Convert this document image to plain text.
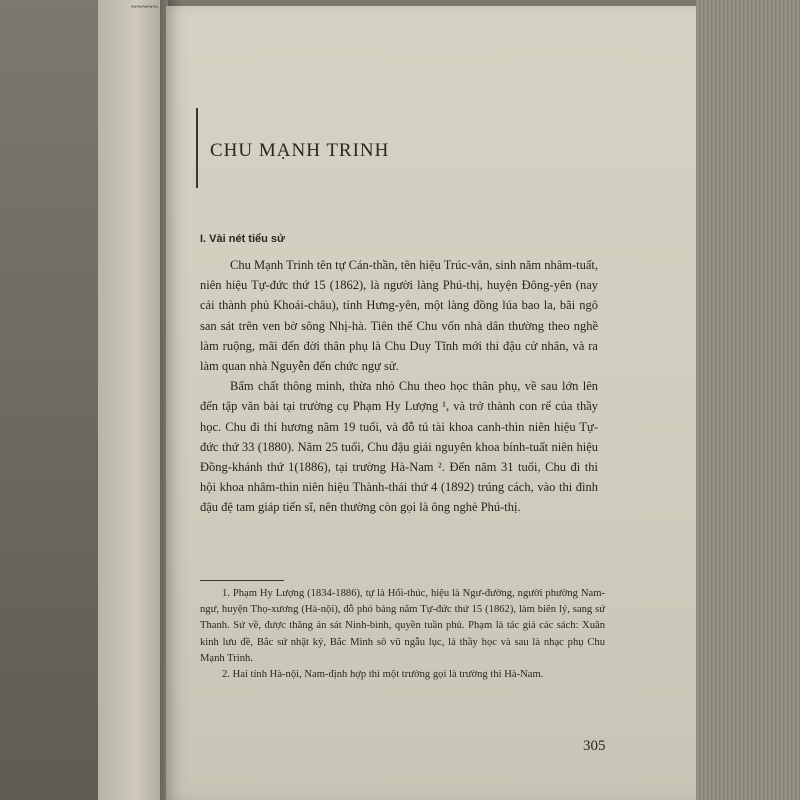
~~~~~
CHU MẠNH TRINH
I. Vài nét tiểu sử

Chu Mạnh Trinh tên tự Cán-thần, tên hiệu Trúc-vân, sinh năm nhâm-tuất, niên hiệu Tự-đức thứ 15 (1862), là người làng Phú-thị, huyện Đông-yên (nay cải thành phủ Khoái-châu), tỉnh Hưng-yên, một làng đồng lúa bao la, bãi ngô san sát trên ven bờ sông Nhị-hà. Tiên thế Chu vốn nhà dân thường theo nghề làm ruộng, mãi đến đời thân phụ là Chu Duy Tĩnh mới thi đậu cử nhân, và ra làm quan nhà Nguyễn đến chức ngự sử.

Bẩm chất thông minh, thừa nhỏ Chu theo học thân phụ, về sau lớn lên đến tập văn bài tại trường cụ Phạm Hy Lượng ¹, và trở thành con rể của thầy học. Chu đi thi hương năm 19 tuổi, và đỗ tú tài khoa canh-thìn niên hiệu Tự-đức thứ 33 (1880). Năm 25 tuổi, Chu đậu giải nguyên khoa bính-tuất niên hiệu Đồng-khánh thứ 1(1886), tại trường Hà-Nam ². Đến năm 31 tuổi, Chu đi thi hội khoa nhâm-thìn niên hiệu Thành-thái thứ 4 (1892) trúng cách, vào thi đình đậu đệ tam giáp tiến sĩ, nên thường còn gọi là ông nghè Phú-thị.

1. Phạm Hy Lượng (1834-1886), tự là Hối-thúc, hiệu là Ngư-đường, người phường Nam-ngư, huyện Thọ-xương (Hà-nội), đỗ phó bảng năm Tự-đức thứ 15 (1862), làm biên lý, sang sứ Thanh. Sứ về, được thăng án sát Ninh-bình, quyền tuần phủ. Phạm là tác giả các sách: Xuân kinh lưu đề, Bắc sứ nhật ký, Bắc Minh sô vũ ngẫu lục, là thầy học và sau là nhạc phụ Chu Mạnh Trinh.

2. Hai tỉnh Hà-nội, Nam-định hợp thi một trường gọi là trường thi Hà-Nam.

305
